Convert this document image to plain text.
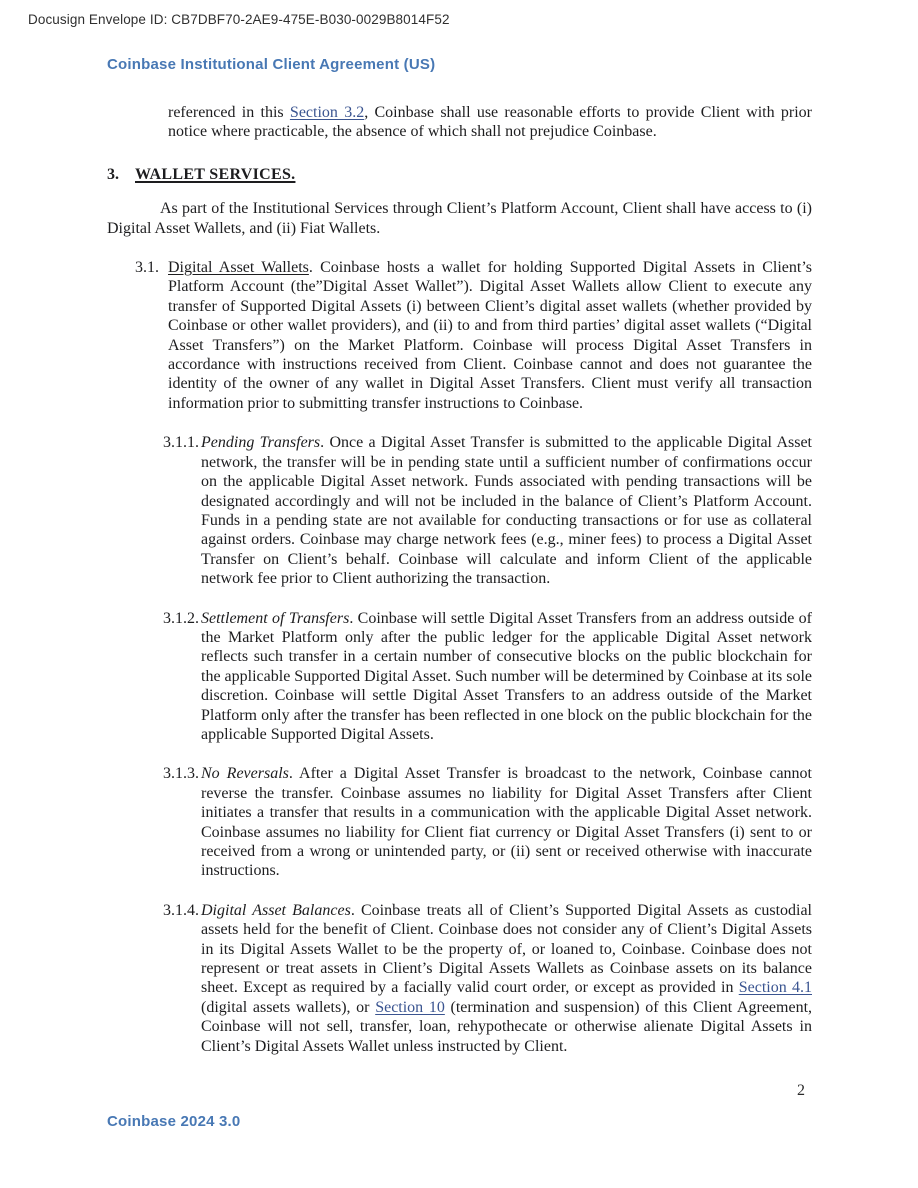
Docusign Envelope ID: CB7DBF70-2AE9-475E-B030-0029B8014F52
Coinbase Institutional Client Agreement (US)

referenced in this Section 3.2, Coinbase shall use reasonable efforts to provide Client with prior notice where practicable, the absence of which shall not prejudice Coinbase.

3.	WALLET SERVICES.

As part of the Institutional Services through Client’s Platform Account, Client shall have access to (i) Digital Asset Wallets, and (ii) Fiat Wallets.

3.1. Digital Asset Wallets. Coinbase hosts a wallet for holding Supported Digital Assets in Client’s Platform Account (the”Digital Asset Wallet”). Digital Asset Wallets allow Client to execute any transfer of Supported Digital Assets (i) between Client’s digital asset wallets (whether provided by Coinbase or other wallet providers), and (ii) to and from third parties’ digital asset wallets (“Digital Asset Transfers”) on the Market Platform. Coinbase will process Digital Asset Transfers in accordance with instructions received from Client. Coinbase cannot and does not guarantee the identity of the owner of any wallet in Digital Asset Transfers. Client must verify all transaction information prior to submitting transfer instructions to Coinbase.
3.1.1. Pending Transfers. Once a Digital Asset Transfer is submitted to the applicable Digital Asset network, the transfer will be in pending state until a sufficient number of confirmations occur on the applicable Digital Asset network. Funds associated with pending transactions will be designated accordingly and will not be included in the balance of Client’s Platform Account. Funds in a pending state are not available for conducting transactions or for use as collateral against orders. Coinbase may charge network fees (e.g., miner fees) to process a Digital Asset Transfer on Client’s behalf. Coinbase will calculate and inform Client of the applicable network fee prior to Client authorizing the transaction.
3.1.2. Settlement of Transfers. Coinbase will settle Digital Asset Transfers from an address outside of the Market Platform only after the public ledger for the applicable Digital Asset network reflects such transfer in a certain number of consecutive blocks on the public blockchain for the applicable Supported Digital Asset. Such number will be determined by Coinbase at its sole discretion. Coinbase will settle Digital Asset Transfers to an address outside of the Market Platform only after the transfer has been reflected in one block on the public blockchain for the applicable Supported Digital Assets.
3.1.3. No Reversals. After a Digital Asset Transfer is broadcast to the network, Coinbase cannot reverse the transfer. Coinbase assumes no liability for Digital Asset Transfers after Client initiates a transfer that results in a communication with the applicable Digital Asset network. Coinbase assumes no liability for Client fiat currency or Digital Asset Transfers (i) sent to or received from a wrong or unintended party, or (ii) sent or received otherwise with inaccurate instructions.
3.1.4. Digital Asset Balances. Coinbase treats all of Client’s Supported Digital Assets as custodial assets held for the benefit of Client. Coinbase does not consider any of Client’s Digital Assets in its Digital Assets Wallet to be the property of, or loaned to, Coinbase. Coinbase does not represent or treat assets in Client’s Digital Assets Wallets as Coinbase assets on its balance sheet. Except as required by a facially valid court order, or except as provided in Section 4.1 (digital assets wallets), or Section 10 (termination and suspension) of this Client Agreement, Coinbase will not sell, transfer, loan, rehypothecate or otherwise alienate Digital Assets in Client’s Digital Assets Wallet unless instructed by Client.
2
Coinbase 2024 3.0
